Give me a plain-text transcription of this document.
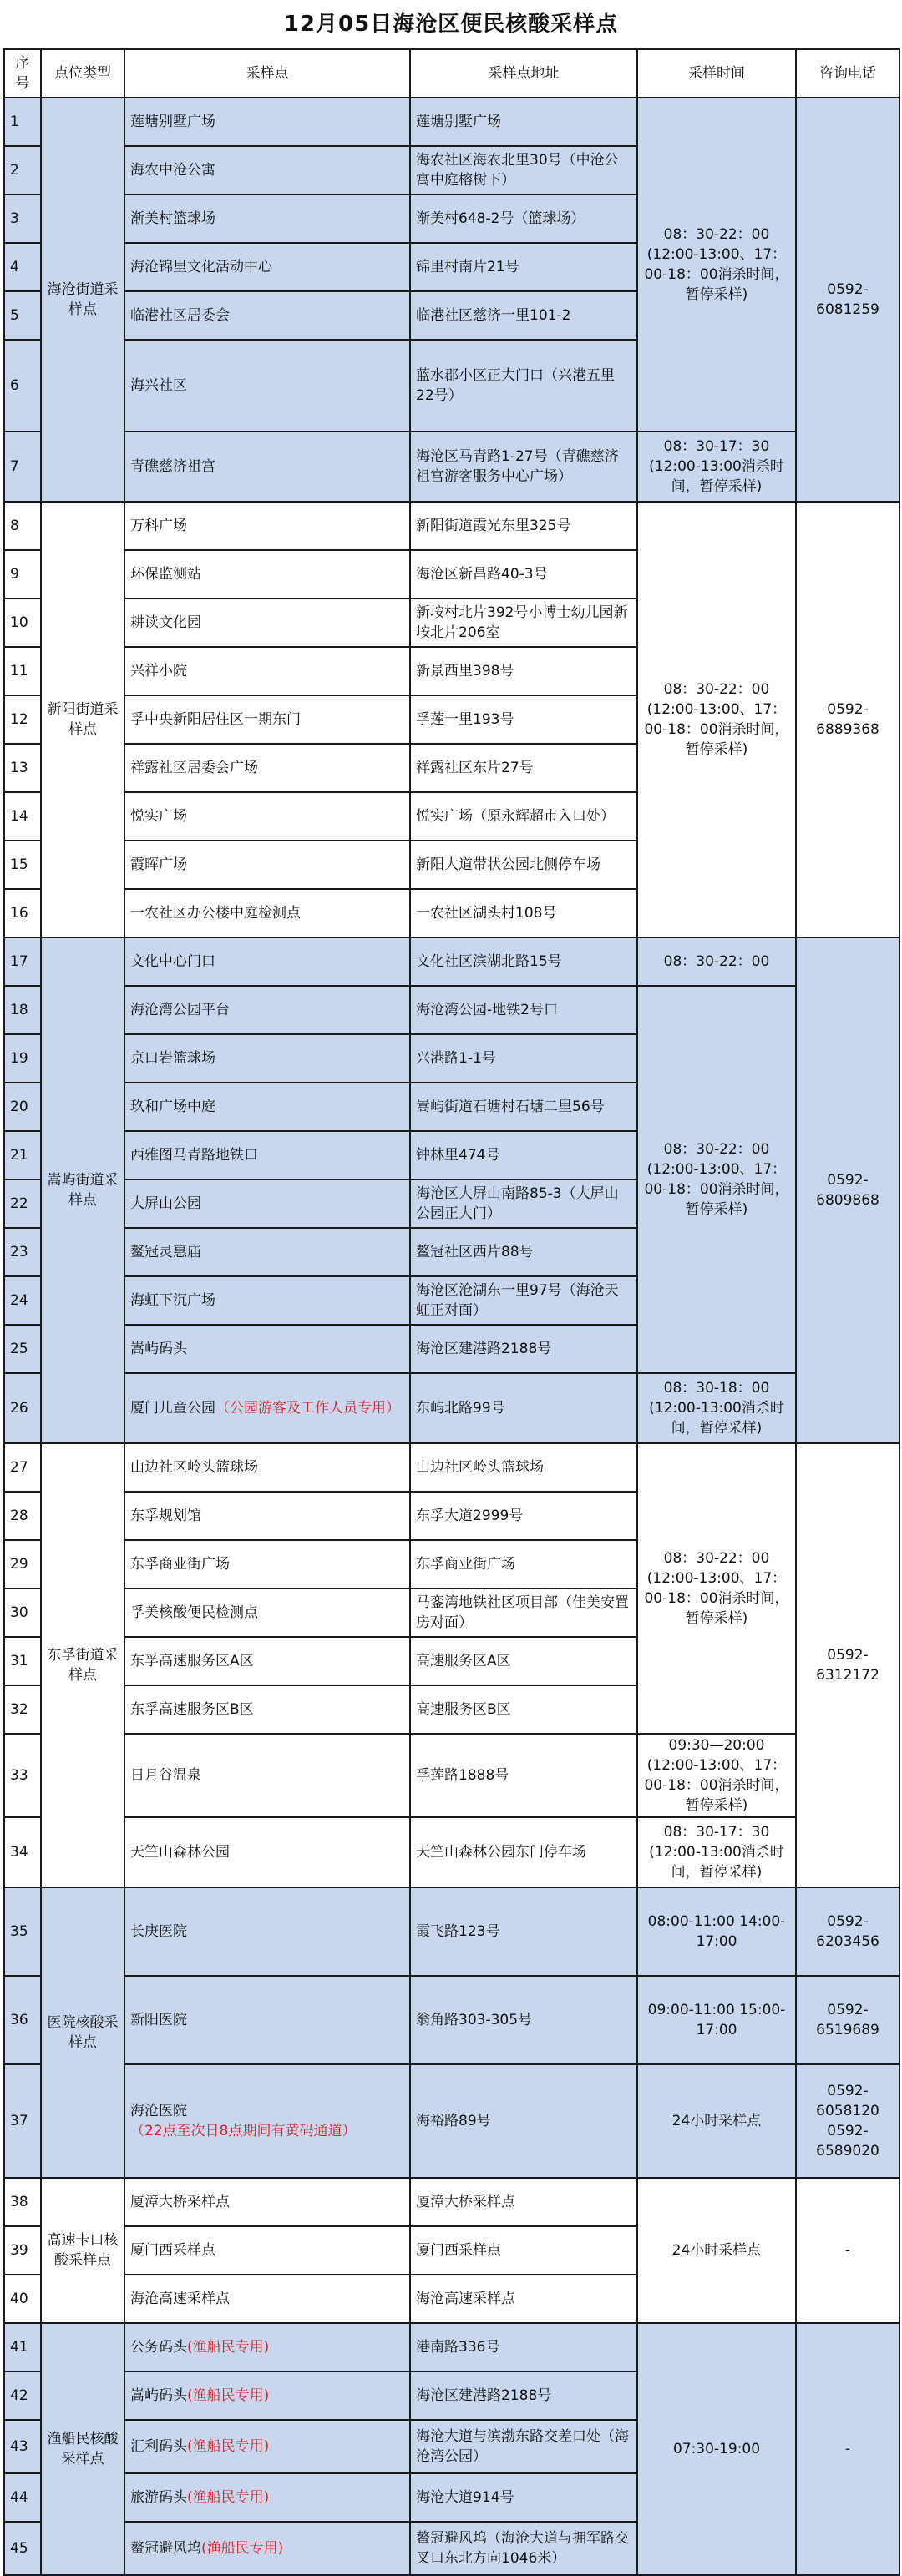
12月05日海沧区便民核酸采样点
序号	点位类型	采样点	采样点地址	采样时间	咨询电话
1	海沧街道采样点	莲塘别墅广场	莲塘别墅广场	08：30-22：00 (12:00-13:00、17：00-18：00消杀时间，暂停采样)	0592-6081259
2		海农中沧公寓	海农社区海农北里30号（中沧公寓中庭榕树下）		
3		渐美村篮球场	渐美村648-2号（篮球场）		
4		海沧锦里文化活动中心	锦里村南片21号		
5		临港社区居委会	临港社区慈济一里101-2		
6		海兴社区	蓝水郡小区正大门口（兴港五里22号）		
7		青礁慈济祖宫	海沧区马青路1-27号（青礁慈济祖宫游客服务中心广场）	08：30-17：30 (12:00-13:00消杀时间，暂停采样)	
8	新阳街道采样点	万科广场	新阳街道霞光东里325号	08：30-22：00 (12:00-13:00、17：00-18：00消杀时间，暂停采样)	0592-6889368
9		环保监测站	海沧区新昌路40-3号		
10		耕读文化园	新垵村北片392号小博士幼儿园新垵北片206室		
11		兴祥小院	新景西里398号		
12		孚中央新阳居住区一期东门	孚莲一里193号		
13		祥露社区居委会广场	祥露社区东片27号		
14		悦实广场	悦实广场（原永辉超市入口处）		
15		霞晖广场	新阳大道带状公园北侧停车场		
16		一农社区办公楼中庭检测点	一农社区湖头村108号		
17	嵩屿街道采样点	文化中心门口	文化社区滨湖北路15号	08：30-22：00	0592-6809868
18		海沧湾公园平台	海沧湾公园-地铁2号口	08：30-22：00 (12:00-13:00、17：00-18：00消杀时间，暂停采样)	
19		京口岩篮球场	兴港路1-1号		
20		玖和广场中庭	嵩屿街道石塘村石塘二里56号		
21		西雅图马青路地铁口	钟林里474号		
22		大屏山公园	海沧区大屏山南路85-3（大屏山公园正大门）		
23		鳌冠灵惠庙	鳌冠社区西片88号		
24		海虹下沉广场	海沧区沧湖东一里97号（海沧天虹正对面）		
25		嵩屿码头	海沧区建港路2188号		
26		厦门儿童公园（公园游客及工作人员专用）	东屿北路99号	08：30-18：00 (12:00-13:00消杀时间，暂停采样)	
27	东孚街道采样点	山边社区岭头篮球场	山边社区岭头篮球场	08：30-22：00 (12:00-13:00、17：00-18：00消杀时间，暂停采样)	0592-6312172
28		东孚规划馆	东孚大道2999号		
29		东孚商业街广场	东孚商业街广场		
30		孚美核酸便民检测点	马銮湾地铁社区项目部（佳美安置房对面）		
31		东孚高速服务区A区	高速服务区A区		
32		东孚高速服务区B区	高速服务区B区		
33		日月谷温泉	孚莲路1888号	09:30—20:00 (12:00-13:00、17：00-18：00消杀时间，暂停采样)	
34		天竺山森林公园	天竺山森林公园东门停车场	08：30-17：30 (12:00-13:00消杀时间，暂停采样)	
35	医院核酸采样点	长庚医院	霞飞路123号	08:00-11:00 14:00-17:00	0592-6203456
36		新阳医院	翁角路303-305号	09:00-11:00 15:00-17:00	0592-6519689
37		海沧医院
（22点至次日8点期间有黄码通道）	海裕路89号	24小时采样点	0592-6058120 0592-6589020
38	高速卡口核酸采样点	厦漳大桥采样点	厦漳大桥采样点	24小时采样点	-
39		厦门西采样点	厦门西采样点		
40		海沧高速采样点	海沧高速采样点		
41	渔船民核酸采样点	公务码头(渔船民专用)	港南路336号	07:30-19:00	-
42		嵩屿码头(渔船民专用)	海沧区建港路2188号		
43		汇利码头(渔船民专用)	海沧大道与滨渤东路交差口处（海沧湾公园）		
44		旅游码头(渔船民专用)	海沧大道914号		
45		鳌冠避风坞(渔船民专用)	鳌冠避风坞（海沧大道与拥军路交叉口东北方向1046米）		
